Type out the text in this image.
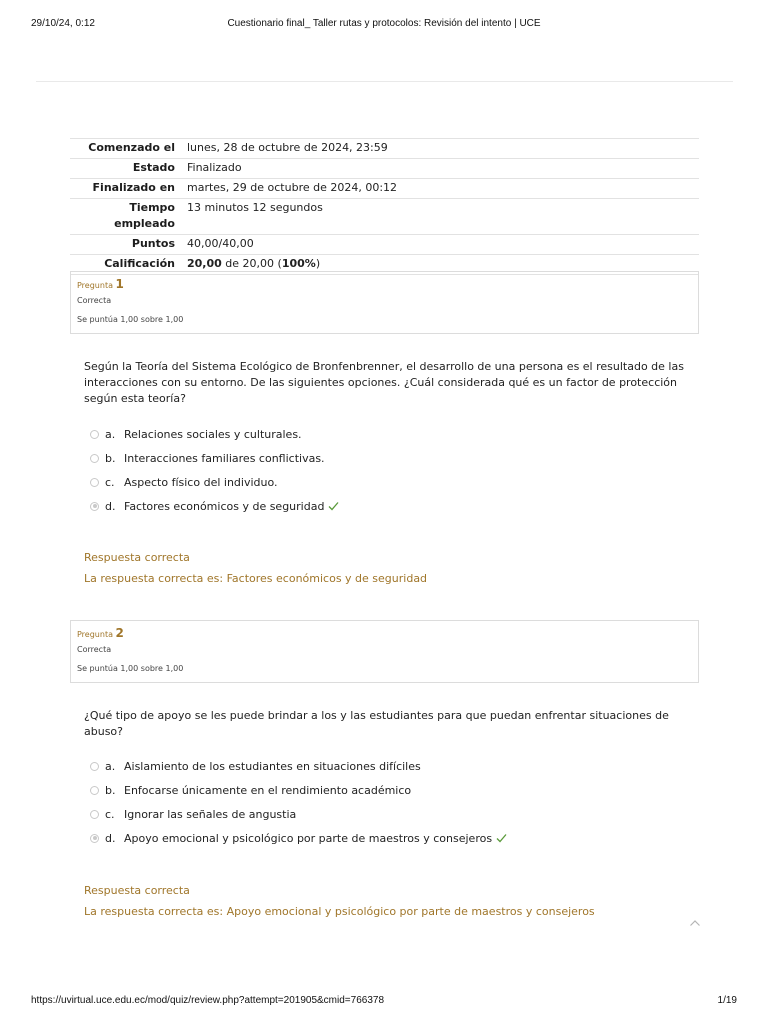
29/10/24, 0:12	Cuestionario final_ Taller rutas y protocolos: Revisión del intento | UCE
Comenzado el	lunes, 28 de octubre de 2024, 23:59
Estado	Finalizado
Finalizado en	martes, 29 de octubre de 2024, 00:12
Tiempo empleado	13 minutos 12 segundos
Puntos	40,00/40,00
Calificación	20,00 de 20,00 (100%)
Pregunta 1
Correcta
Se puntúa 1,00 sobre 1,00
Según la Teoría del Sistema Ecológico de Bronfenbrenner, el desarrollo de una persona es el resultado de las interacciones con su entorno. De las siguientes opciones. ¿Cuál considerada qué es un factor de protección según esta teoría?
a. Relaciones sociales y culturales.
b. Interacciones familiares conflictivas.
c. Aspecto físico del individuo.
d. Factores económicos y de seguridad
Respuesta correcta
La respuesta correcta es: Factores económicos y de seguridad
Pregunta 2
Correcta
Se puntúa 1,00 sobre 1,00
¿Qué tipo de apoyo se les puede brindar a los y las estudiantes para que puedan enfrentar situaciones de abuso?
a. Aislamiento de los estudiantes en situaciones difíciles
b. Enfocarse únicamente en el rendimiento académico
c. Ignorar las señales de angustia
d. Apoyo emocional y psicológico por parte de maestros y consejeros
Respuesta correcta
La respuesta correcta es: Apoyo emocional y psicológico por parte de maestros y consejeros
https://uvirtual.uce.edu.ec/mod/quiz/review.php?attempt=201905&cmid=766378	1/19
